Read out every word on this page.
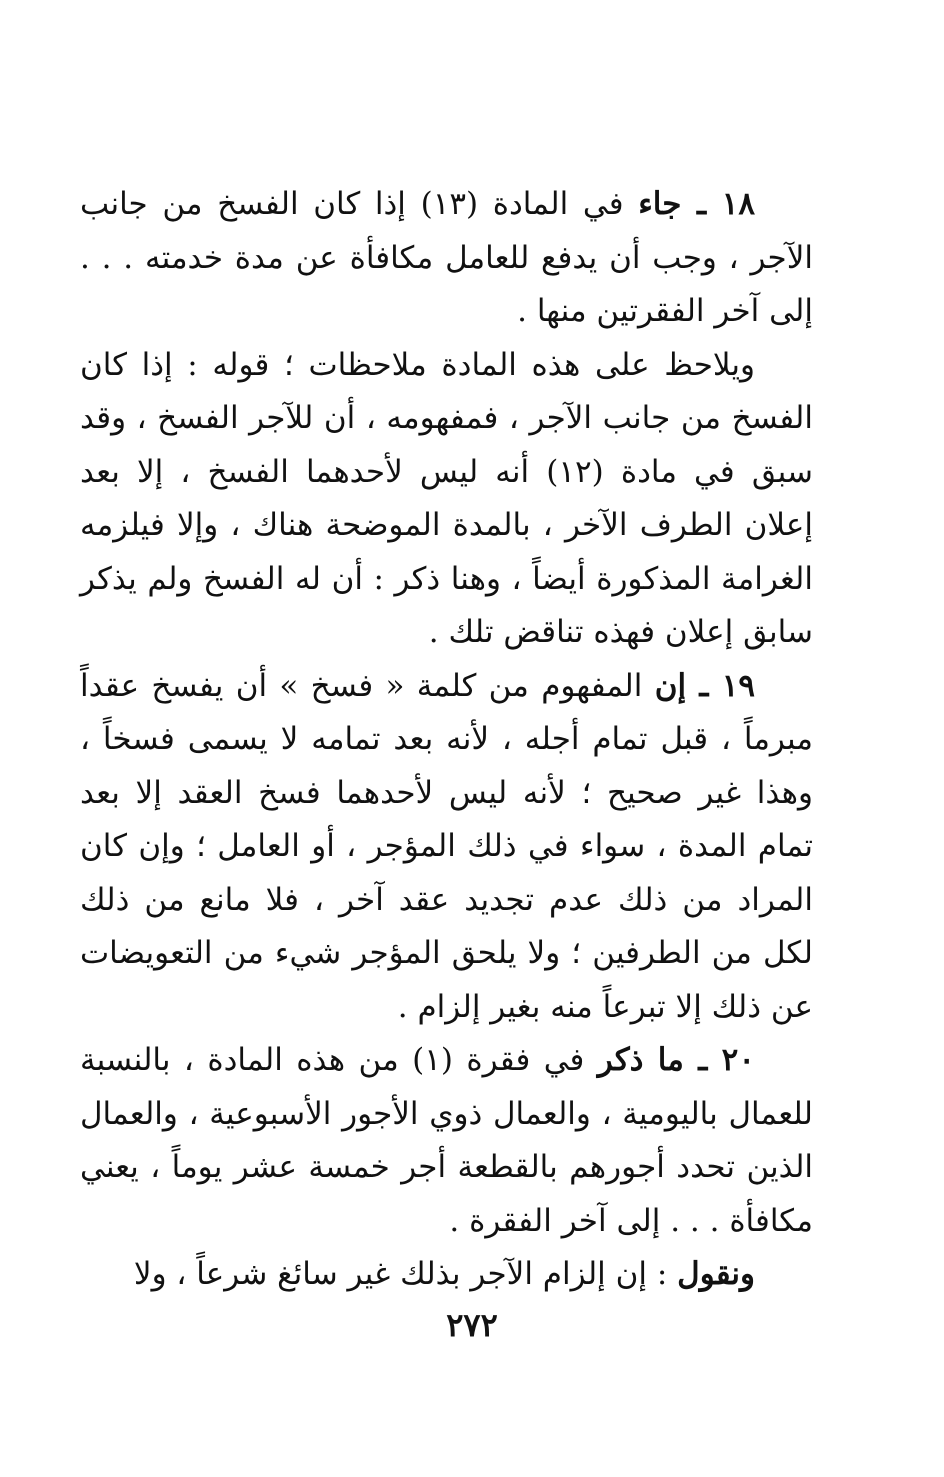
١٨ ـ جاء في المادة (١٣) إذا كان الفسخ من جانب الآجر ، وجب أن يدفع للعامل مكافأة عن مدة خدمته . . . إلى آخر الفقرتين منها .

ويلاحظ على هذه المادة ملاحظات ؛ قوله : إذا كان الفسخ من جانب الآجر ، فمفهومه ، أن للآجر الفسخ ، وقد سبق في مادة (١٢) أنه ليس لأحدهما الفسخ ، إلا بعد إعلان الطرف الآخر ، بالمدة الموضحة هناك ، وإلا فيلزمه الغرامة المذكورة أيضاً ، وهنا ذكر : أن له الفسخ ولم يذكر سابق إعلان فهذه تناقض تلك .

١٩ ـ إن المفهوم من كلمة « فسخ » أن يفسخ عقداً مبرماً ، قبل تمام أجله ، لأنه بعد تمامه لا يسمى فسخاً ، وهذا غير صحيح ؛ لأنه ليس لأحدهما فسخ العقد إلا بعد تمام المدة ، سواء في ذلك المؤجر ، أو العامل ؛ وإن كان المراد من ذلك عدم تجديد عقد آخر ، فلا مانع من ذلك لكل من الطرفين ؛ ولا يلحق المؤجر شيء من التعويضات عن ذلك إلا تبرعاً منه بغير إلزام .

٢٠ ـ ما ذكر في فقرة (١) من هذه المادة ، بالنسبة للعمال باليومية ، والعمال ذوي الأجور الأسبوعية ، والعمال الذين تحدد أجورهم بالقطعة أجر خمسة عشر يوماً ، يعني مكافأة . . . إلى آخر الفقرة .

ونقول : إن إلزام الآجر بذلك غير سائغ شرعاً ، ولا

٢٧٢
